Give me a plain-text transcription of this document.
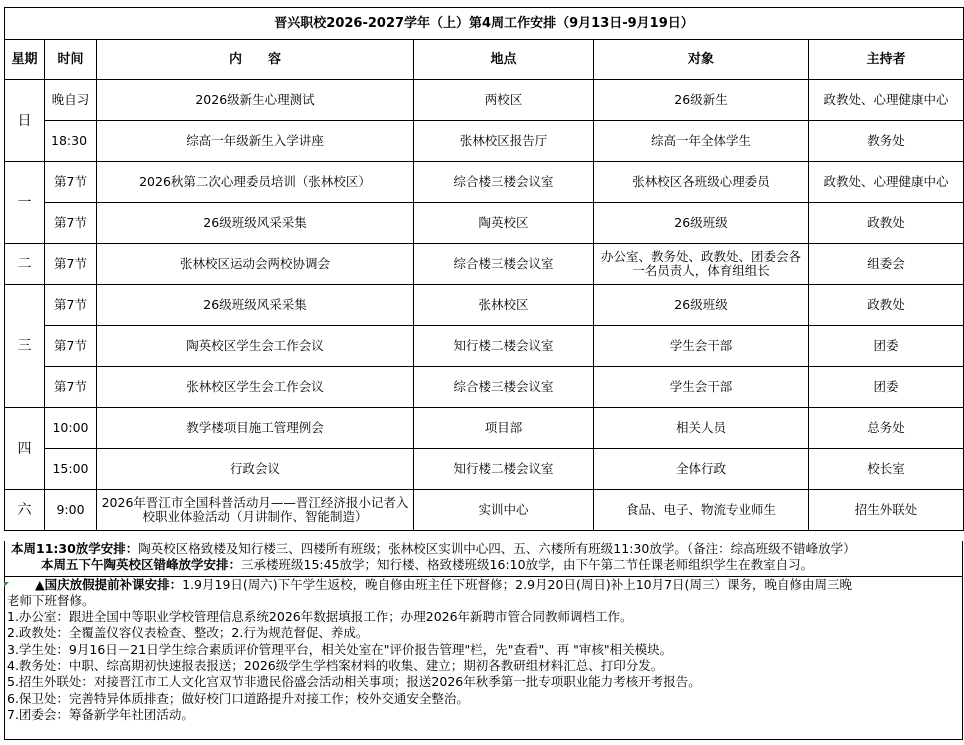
晋兴职校2026-2027学年（上）第4周工作安排（9月13日-9月19日）					
星期	时间	内　　容	地点	对象	主持者
日	晚自习	2026级新生心理测试	两校区	26级新生	政教处、心理健康中心
	18:30	综高一年级新生入学讲座	张林校区报告厅	综高一年全体学生	教务处
一	第7节	2026秋第二次心理委员培训（张林校区）	综合楼三楼会议室	张林校区各班级心理委员	政教处、心理健康中心
	第7节	26级班级风采采集	陶英校区	26级班级	政教处
二	第7节	张林校区运动会两校协调会	综合楼三楼会议室	办公室、教务处、政教处、团委会各一名员责人，体育组组长	组委会
三	第7节	26级班级风采采集	张林校区	26级班级	政教处
	第7节	陶英校区学生会工作会议	知行楼二楼会议室	学生会干部	团委
	第7节	张林校区学生会工作会议	综合楼三楼会议室	学生会干部	团委
四	10:00	教学楼项目施工管理例会	项目部	相关人员	总务处
	15:00	行政会议	知行楼二楼会议室	全体行政	校长室
六	9:00	2026年晋江市全国科普活动月——晋江经济报小记者入校职业体验活动（月讲制作、智能制造）	实训中心	食品、电子、物流专业师生	招生外联处
本周11:30放学安排：陶英校区格致楼及知行楼三、四楼所有班级；张林校区实训中心四、五、六楼所有班级11:30放学。（备注：综高班级不错峰放学）
本周五下午陶英校区错峰放学安排：三承楼班级15:45放学；知行楼、格致楼班级16:10放学，由下午第二节任课老师组织学生在教室自习。
▲国庆放假提前补课安排：1.9月19日(周六)下午学生返校，晚自修由班主任下班督修；2.9月20日(周日)补上10月7日(周三）课务，晚自修由周三晚
老师下班督修。
1.办公室：跟进全国中等职业学校管理信息系统2026年数据填报工作；办理2026年新聘市管合同教师调档工作。
2.政教处：全覆盖仪容仪表检查、整改；2.行为规范督促、养成。
3.学生处：9月16日－21日学生综合素质评价管理平台，相关处室在"评价报告管理"栏，先"查看"、再 "审核"相关模块。
4.教务处：中职、综高期初快速报表报送；2026级学生学档案材料的收集、建立；期初各教研组材料汇总、打印分发。
5.招生外联处：对接晋江市工人文化宫双节非遗民俗盛会活动相关事项；报送2026年秋季第一批专项职业能力考核开考报告。
6.保卫处：完善特异体质排查；做好校门口道路提升对接工作；校外交通安全整治。
7.团委会：筹备新学年社团活动。
